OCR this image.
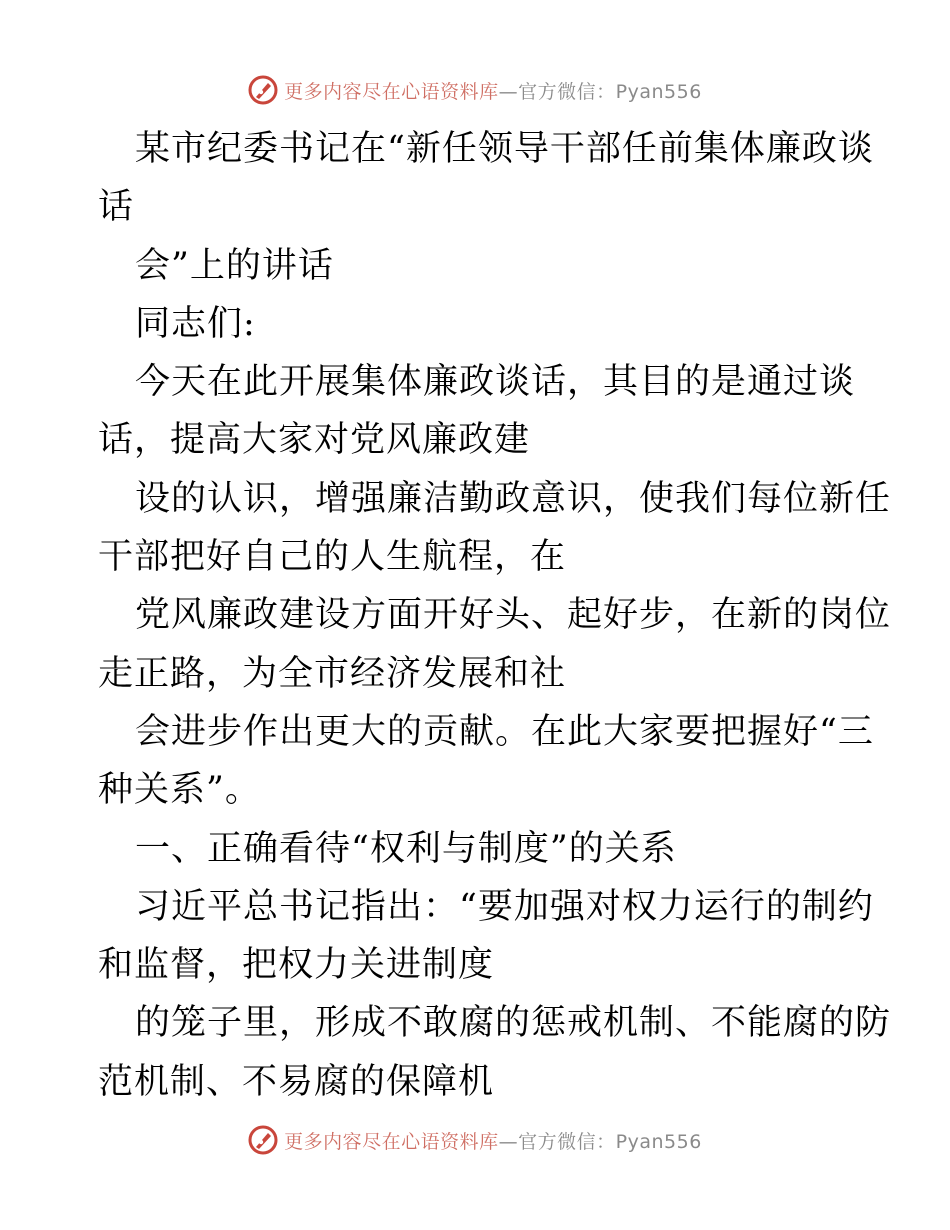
更多内容尽在心语资料库 —官方微信：Pyan556
某市纪委书记在“新任领导干部任前集体廉政谈
话
会”上的讲话
同志们:
今天在此开展集体廉政谈话，其目的是通过谈
话，提高大家对党风廉政建
设的认识，增强廉洁勤政意识，使我们每位新任
干部把好自己的人生航程，在
党风廉政建设方面开好头、起好步，在新的岗位
走正路，为全市经济发展和社
会进步作出更大的贡献。在此大家要把握好“三
种关系”。
一、正确看待“权利与制度”的关系
习近平总书记指出：“要加强对权力运行的制约
和监督，把权力关进制度
的笼子里，形成不敢腐的惩戒机制、不能腐的防
范机制、不易腐的保障机
更多内容尽在心语资料库 —官方微信：Pyan556
